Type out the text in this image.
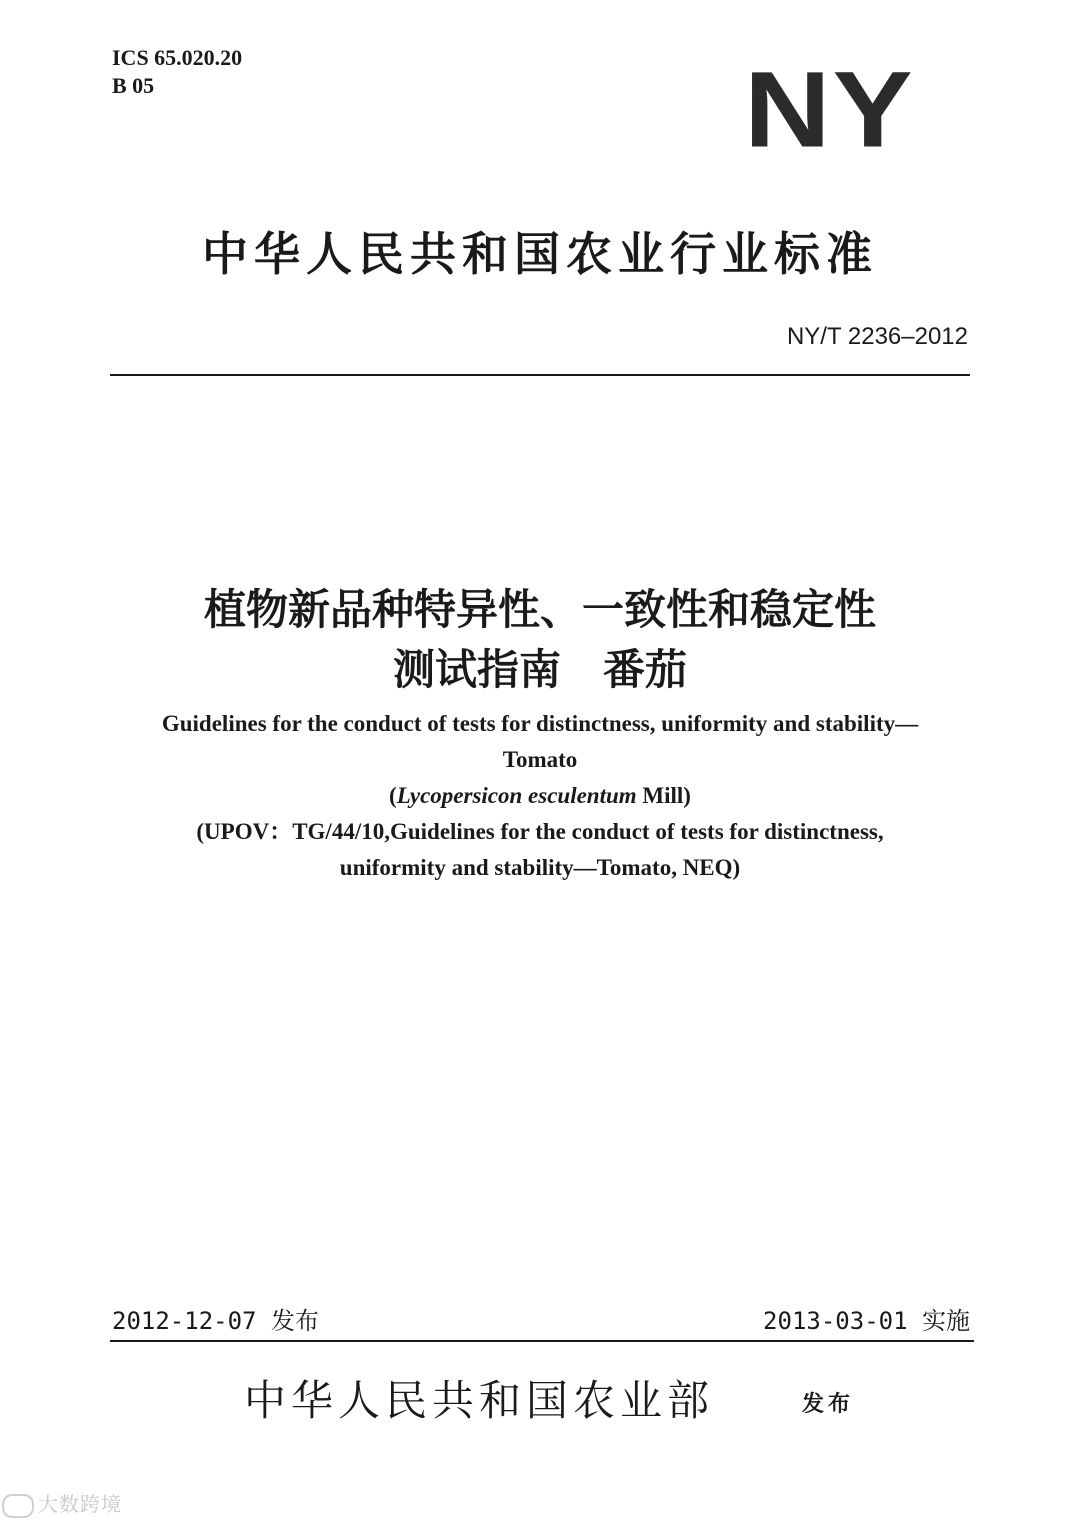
ICS 65.020.20
B 05	NY
中华人民共和国农业行业标准
NY/T 2236–2012
植物新品种特异性、一致性和稳定性
测试指南　番茄
Guidelines for the conduct of tests for distinctness, uniformity and stability—
Tomato
(Lycopersicon esculentum Mill)
(UPOV：TG/44/10,Guidelines for the conduct of tests for distinctness,
uniformity and stability—Tomato, NEQ)
2012-12-07 发布	2013-03-01 实施
中华人民共和国农业部	发布
大数跨境
